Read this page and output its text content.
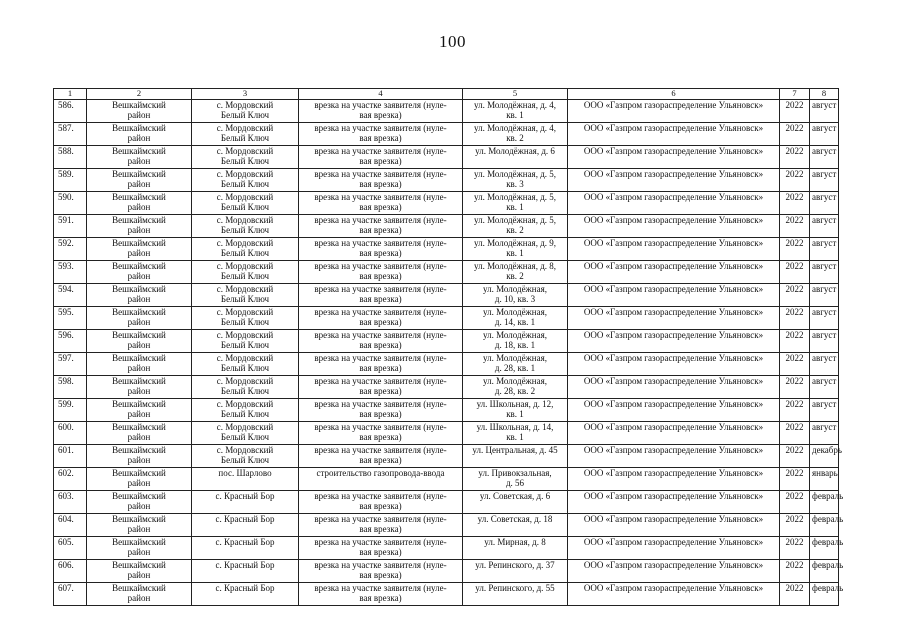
100
1	2	3	4	5	6	7	8
586.	Вешкаймский
район	с. Мордовский
Белый Ключ	врезка на участке заявителя (нуле-
вая врезка)	ул. Молодёжная, д. 4,
кв. 1	ООО «Газпром газораспределение Ульяновск»	2022	август
587.	Вешкаймский
район	с. Мордовский
Белый Ключ	врезка на участке заявителя (нуле-
вая врезка)	ул. Молодёжная, д. 4,
кв. 2	ООО «Газпром газораспределение Ульяновск»	2022	август
588.	Вешкаймский
район	с. Мордовский
Белый Ключ	врезка на участке заявителя (нуле-
вая врезка)	ул. Молодёжная, д. 6	ООО «Газпром газораспределение Ульяновск»	2022	август
589.	Вешкаймский
район	с. Мордовский
Белый Ключ	врезка на участке заявителя (нуле-
вая врезка)	ул. Молодёжная, д. 5,
кв. 3	ООО «Газпром газораспределение Ульяновск»	2022	август
590.	Вешкаймский
район	с. Мордовский
Белый Ключ	врезка на участке заявителя (нуле-
вая врезка)	ул. Молодёжная, д. 5,
кв. 1	ООО «Газпром газораспределение Ульяновск»	2022	август
591.	Вешкаймский
район	с. Мордовский
Белый Ключ	врезка на участке заявителя (нуле-
вая врезка)	ул. Молодёжная, д. 5,
кв. 2	ООО «Газпром газораспределение Ульяновск»	2022	август
592.	Вешкаймский
район	с. Мордовский
Белый Ключ	врезка на участке заявителя (нуле-
вая врезка)	ул. Молодёжная, д. 9,
кв. 1	ООО «Газпром газораспределение Ульяновск»	2022	август
593.	Вешкаймский
район	с. Мордовский
Белый Ключ	врезка на участке заявителя (нуле-
вая врезка)	ул. Молодёжная, д. 8,
кв. 2	ООО «Газпром газораспределение Ульяновск»	2022	август
594.	Вешкаймский
район	с. Мордовский
Белый Ключ	врезка на участке заявителя (нуле-
вая врезка)	ул. Молодёжная,
д. 10, кв. 3	ООО «Газпром газораспределение Ульяновск»	2022	август
595.	Вешкаймский
район	с. Мордовский
Белый Ключ	врезка на участке заявителя (нуле-
вая врезка)	ул. Молодёжная,
д. 14, кв. 1	ООО «Газпром газораспределение Ульяновск»	2022	август
596.	Вешкаймский
район	с. Мордовский
Белый Ключ	врезка на участке заявителя (нуле-
вая врезка)	ул. Молодёжная,
д. 18, кв. 1	ООО «Газпром газораспределение Ульяновск»	2022	август
597.	Вешкаймский
район	с. Мордовский
Белый Ключ	врезка на участке заявителя (нуле-
вая врезка)	ул. Молодёжная,
д. 28, кв. 1	ООО «Газпром газораспределение Ульяновск»	2022	август
598.	Вешкаймский
район	с. Мордовский
Белый Ключ	врезка на участке заявителя (нуле-
вая врезка)	ул. Молодёжная,
д. 28, кв. 2	ООО «Газпром газораспределение Ульяновск»	2022	август
599.	Вешкаймский
район	с. Мордовский
Белый Ключ	врезка на участке заявителя (нуле-
вая врезка)	ул. Школьная, д. 12,
кв. 1	ООО «Газпром газораспределение Ульяновск»	2022	август
600.	Вешкаймский
район	с. Мордовский
Белый Ключ	врезка на участке заявителя (нуле-
вая врезка)	ул. Школьная, д. 14,
кв. 1	ООО «Газпром газораспределение Ульяновск»	2022	август
601.	Вешкаймский
район	с. Мордовский
Белый Ключ	врезка на участке заявителя (нуле-
вая врезка)	ул. Центральная, д. 45	ООО «Газпром газораспределение Ульяновск»	2022	декабрь
602.	Вешкаймский
район	пос. Шарлово	строительство газопровода-ввода	ул. Привокзальная,
д. 56	ООО «Газпром газораспределение Ульяновск»	2022	январь
603.	Вешкаймский
район	с. Красный Бор	врезка на участке заявителя (нуле-
вая врезка)	ул. Советская, д. 6	ООО «Газпром газораспределение Ульяновск»	2022	февраль
604.	Вешкаймский
район	с. Красный Бор	врезка на участке заявителя (нуле-
вая врезка)	ул. Советская, д. 18	ООО «Газпром газораспределение Ульяновск»	2022	февраль
605.	Вешкаймский
район	с. Красный Бор	врезка на участке заявителя (нуле-
вая врезка)	ул. Мирная, д. 8	ООО «Газпром газораспределение Ульяновск»	2022	февраль
606.	Вешкаймский
район	с. Красный Бор	врезка на участке заявителя (нуле-
вая врезка)	ул. Репинского, д. 37	ООО «Газпром газораспределение Ульяновск»	2022	февраль
607.	Вешкаймский
район	с. Красный Бор	врезка на участке заявителя (нуле-
вая врезка)	ул. Репинского, д. 55	ООО «Газпром газораспределение Ульяновск»	2022	февраль
